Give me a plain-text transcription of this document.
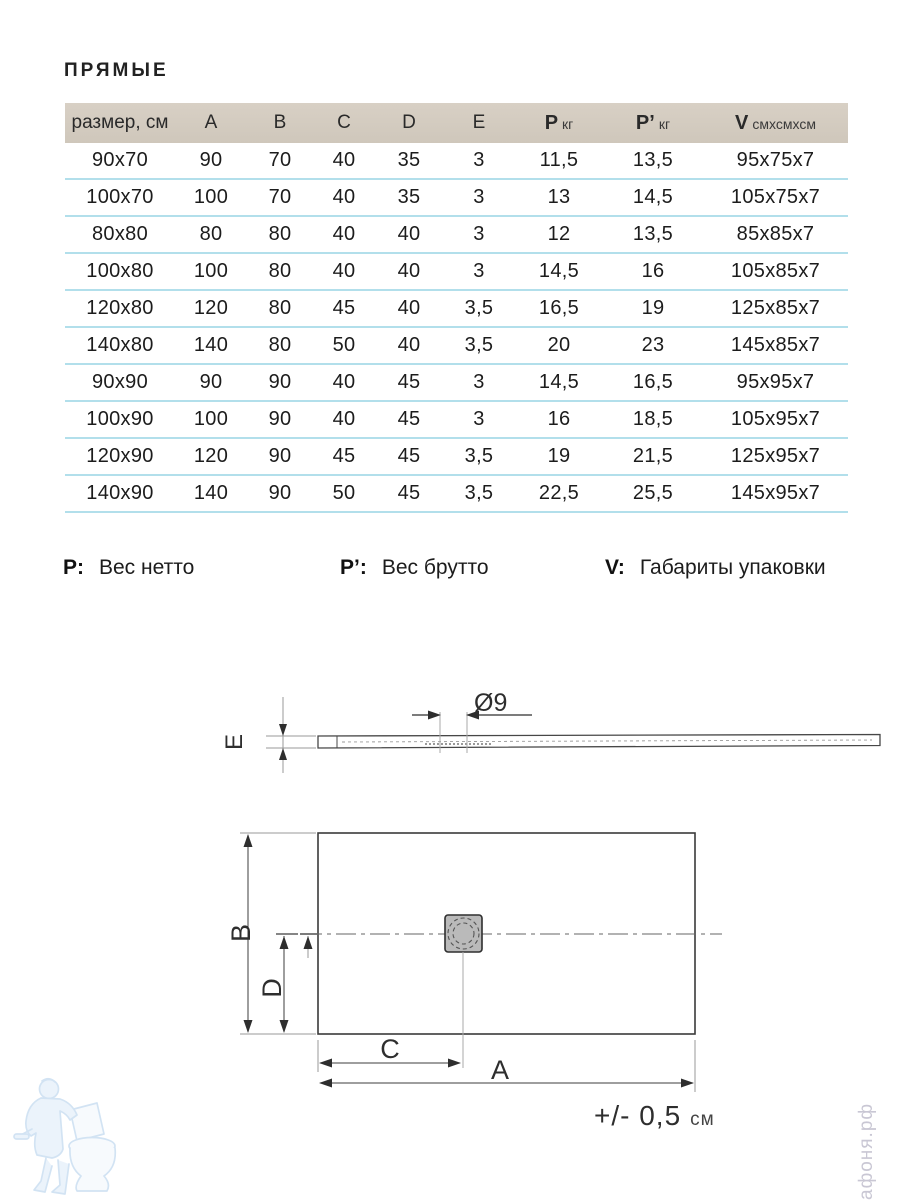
ПРЯМЫЕ
размер, см	A	B	C	D	E	P кг	P’ кг	V смхсмхсм
90x70	90	70	40	35	3	11,5	13,5	95x75x7
100x70	100	70	40	35	3	13	14,5	105x75x7
80x80	80	80	40	40	3	12	13,5	85x85x7
100x80	100	80	40	40	3	14,5	16	105x85x7
120x80	120	80	45	40	3,5	16,5	19	125x85x7
140x80	140	80	50	40	3,5	20	23	145x85x7
90x90	90	90	40	45	3	14,5	16,5	95x95x7
100x90	100	90	40	45	3	16	18,5	105x95x7
120x90	120	90	45	45	3,5	19	21,5	125x95x7
140x90	140	90	50	45	3,5	22,5	25,5	145x95x7
P: Вес нетто	P’: Вес брутто	V: Габариты упаковки
E
Ø9
B
D
C
A
+/- 0,5 см	афоня.рф
